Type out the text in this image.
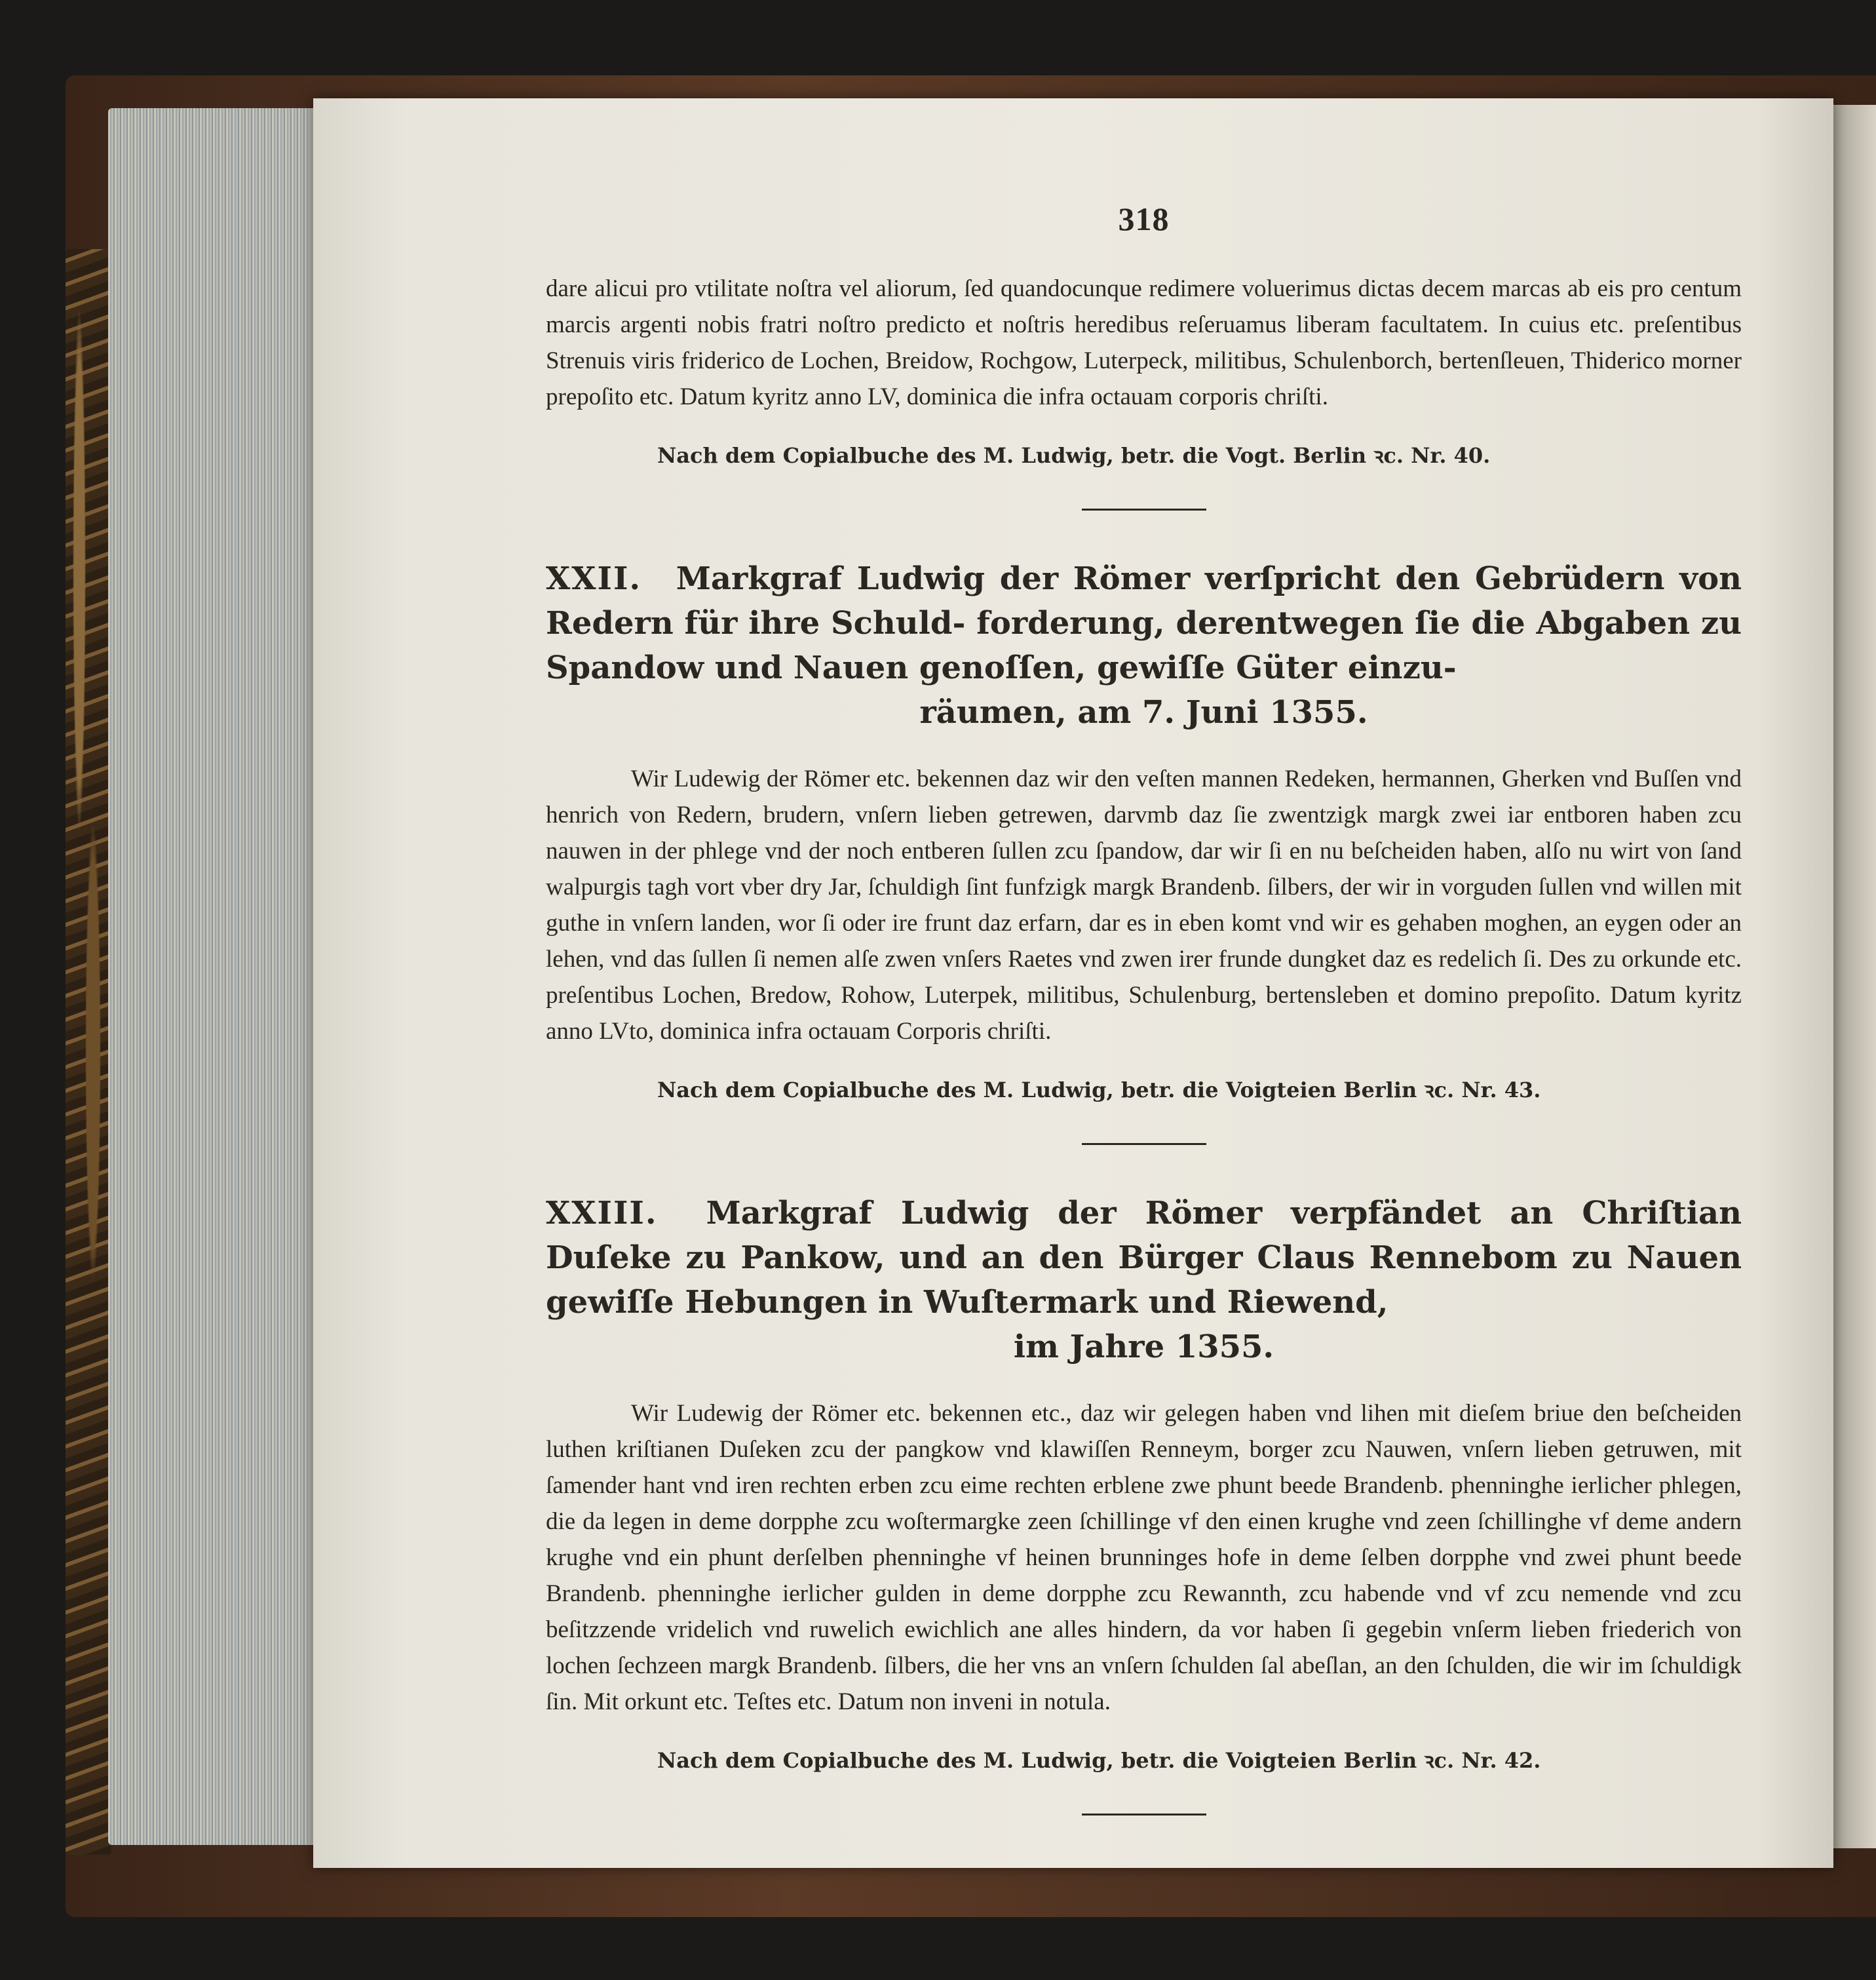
318

dare alicui pro vtilitate noſtra vel aliorum, ſed quandocunque redimere voluerimus dictas decem marcas ab eis pro centum marcis argenti nobis fratri noſtro predicto et noſtris heredibus reſeruamus liberam facultatem. In cuius etc. preſentibus Strenuis viris friderico de Lochen, Breidow, Rochgow, Luterpeck, militibus, Schulenborch, bertenſleuen, Thiderico morner prepoſito etc. Datum kyritz anno LV, dominica die infra octauam corporis chriſti.

Nach dem Copialbuche des M. Ludwig, betr. die Vogt. Berlin ꝛc. Nr. 40.
XXII. Markgraf Ludwig der Römer verſpricht den Gebrüdern von Redern für ihre Schuld- forderung, derentwegen ſie die Abgaben zu Spandow und Nauen genoſſen, gewiſſe Güter einzu-
räumen, am 7. Juni 1355.

Wir Ludewig der Römer etc. bekennen daz wir den veſten mannen Redeken, hermannen, Gherken vnd Buſſen vnd henrich von Redern, brudern, vnſern lieben getrewen, darvmb daz ſie zwentzigk margk zwei iar entboren haben zcu nauwen in der phlege vnd der noch entberen ſullen zcu ſpandow, dar wir ſi en nu beſcheiden haben, alſo nu wirt von ſand walpurgis tagh vort vber dry Jar, ſchuldigh ſint funfzigk margk Brandenb. ſilbers, der wir in vorguden ſullen vnd willen mit guthe in vnſern landen, wor ſi oder ire frunt daz erfarn, dar es in eben komt vnd wir es gehaben moghen, an eygen oder an lehen, vnd das ſullen ſi nemen alſe zwen vnſers Raetes vnd zwen irer frunde dungket daz es redelich ſi. Des zu orkunde etc. preſentibus Lochen, Bredow, Rohow, Luterpek, militibus, Schulenburg, bertensleben et domino prepoſito. Datum kyritz anno LVto, dominica infra octauam Corporis chriſti.

Nach dem Copialbuche des M. Ludwig, betr. die Voigteien Berlin ꝛc. Nr. 43.
XXIII. Markgraf Ludwig der Römer verpfändet an Chriſtian Duſeke zu Pankow, und an den Bürger Claus Rennebom zu Nauen gewiſſe Hebungen in Wuſtermark und Riewend,
im Jahre 1355.

Wir Ludewig der Römer etc. bekennen etc., daz wir gelegen haben vnd lihen mit dieſem briue den beſcheiden luthen kriſtianen Duſeken zcu der pangkow vnd klawiſſen Renneym, borger zcu Nauwen, vnſern lieben getruwen, mit ſamender hant vnd iren rechten erben zcu eime rechten erblene zwe phunt beede Brandenb. phenninghe ierlicher phlegen, die da legen in deme dorpphe zcu woſtermargke zeen ſchillinge vf den einen krughe vnd zeen ſchillinghe vf deme andern krughe vnd ein phunt derſelben phenninghe vf heinen brunninges hofe in deme ſelben dorpphe vnd zwei phunt beede Brandenb. phenninghe ierlicher gulden in deme dorpphe zcu Rewannth, zcu habende vnd vf zcu nemende vnd zcu beſitzzende vridelich vnd ruwelich ewichlich ane alles hindern, da vor haben ſi gegebin vnſerm lieben friederich von lochen ſechzeen margk Brandenb. ſilbers, die her vns an vnſern ſchulden ſal abeſlan, an den ſchulden, die wir im ſchuldigk ſin. Mit orkunt etc. Teſtes etc. Datum non inveni in notula.

Nach dem Copialbuche des M. Ludwig, betr. die Voigteien Berlin ꝛc. Nr. 42.
